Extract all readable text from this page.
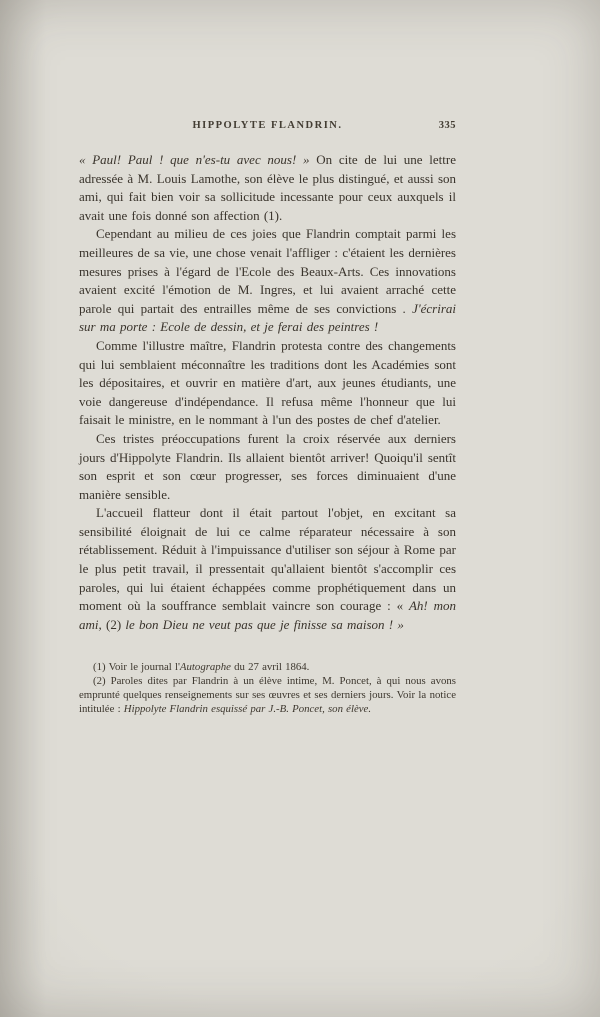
HIPPOLYTE FLANDRIN.	335

« Paul! Paul ! que n'es-tu avec nous! » On cite de lui une lettre adressée à M. Louis Lamothe, son élève le plus distingué, et aussi son ami, qui fait bien voir sa sollicitude incessante pour ceux auxquels il avait une fois donné son affection (1).

Cependant au milieu de ces joies que Flandrin comptait parmi les meilleures de sa vie, une chose venait l'affliger : c'étaient les dernières mesures prises à l'égard de l'Ecole des Beaux-Arts. Ces innovations avaient excité l'émotion de M. Ingres, et lui avaient arraché cette parole qui partait des entrailles même de ses convictions . J'écrirai sur ma porte : Ecole de dessin, et je ferai des peintres !

Comme l'illustre maître, Flandrin protesta contre des changements qui lui semblaient méconnaître les traditions dont les Académies sont les dépositaires, et ouvrir en matière d'art, aux jeunes étudiants, une voie dangereuse d'indépendance. Il refusa même l'honneur que lui faisait le ministre, en le nommant à l'un des postes de chef d'atelier.

Ces tristes préoccupations furent la croix réservée aux derniers jours d'Hippolyte Flandrin. Ils allaient bientôt arriver! Quoiqu'il sentît son esprit et son cœur progresser, ses forces diminuaient d'une manière sensible.

L'accueil flatteur dont il était partout l'objet, en excitant sa sensibilité éloignait de lui ce calme réparateur nécessaire à son rétablissement. Réduit à l'impuissance d'utiliser son séjour à Rome par le plus petit travail, il pressentait qu'allaient bientôt s'accomplir ces paroles, qui lui étaient échappées comme prophétiquement dans un moment où la souffrance semblait vaincre son courage : « Ah! mon ami, (2) le bon Dieu ne veut pas que je finisse sa maison ! »

(1) Voir le journal l'Autographe du 27 avril 1864.

(2) Paroles dites par Flandrin à un élève intime, M. Poncet, à qui nous avons emprunté quelques renseignements sur ses œuvres et ses derniers jours. Voir la notice intitulée : Hippolyte Flandrin esquissé par J.-B. Poncet, son élève.
